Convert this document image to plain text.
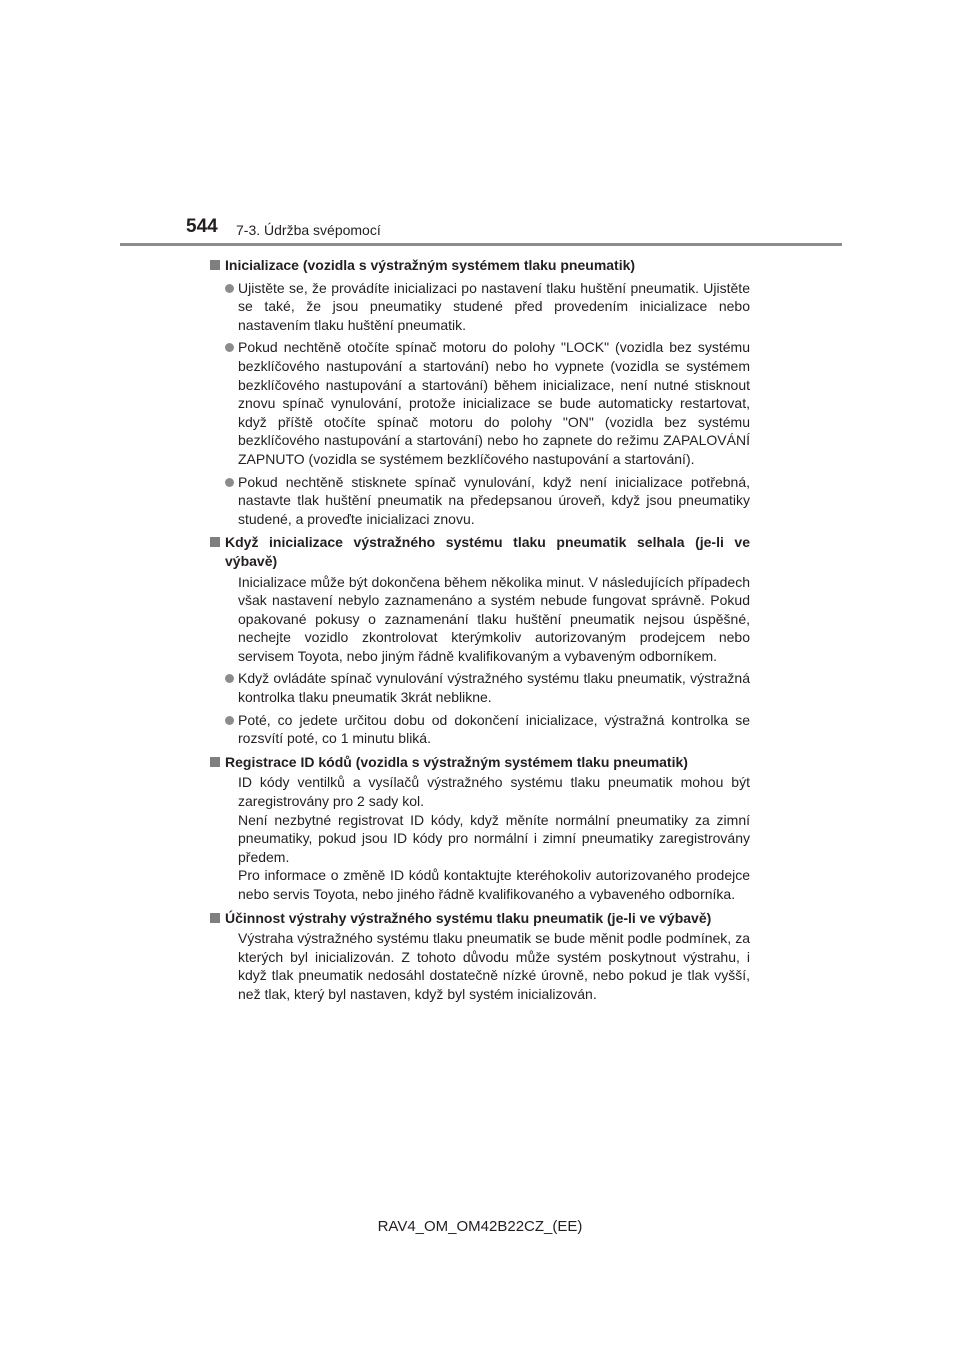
544 7-3. Údržba svépomocí
Inicializace (vozidla s výstražným systémem tlaku pneumatik)
Ujistěte se, že provádíte inicializaci po nastavení tlaku huštění pneumatik. Ujistěte se také, že jsou pneumatiky studené před provedením inicializace nebo nastavením tlaku huštění pneumatik.
Pokud nechtěně otočíte spínač motoru do polohy "LOCK" (vozidla bez systému bezklíčového nastupování a startování) nebo ho vypnete (vozidla se systémem bezklíčového nastupování a startování) během inicializace, není nutné stisknout znovu spínač vynulování, protože inicializace se bude automaticky restartovat, když příště otočíte spínač motoru do polohy "ON" (vozidla bez systému bezklíčového nastupování a startování) nebo ho zapnete do režimu ZAPALOVÁNÍ ZAPNUTO (vozidla se systémem bezklíčového nastupování a startování).
Pokud nechtěně stisknete spínač vynulování, když není inicializace potřebná, nastavte tlak huštění pneumatik na předepsanou úroveň, když jsou pneumatiky studené, a proveďte inicializaci znovu.
Když inicializace výstražného systému tlaku pneumatik selhala (je-li ve výbavě)
Inicializace může být dokončena během několika minut. V následujících případech však nastavení nebylo zaznamenáno a systém nebude fungovat správně. Pokud opakované pokusy o zaznamenání tlaku huštění pneumatik nejsou úspěšné, nechejte vozidlo zkontrolovat kterýmkoliv autorizovaným prodejcem nebo servisem Toyota, nebo jiným řádně kvalifikovaným a vybaveným odborníkem.
Když ovládáte spínač vynulování výstražného systému tlaku pneumatik, výstražná kontrolka tlaku pneumatik 3krát neblikne.
Poté, co jedete určitou dobu od dokončení inicializace, výstražná kontrolka se rozsvítí poté, co 1 minutu bliká.
Registrace ID kódů (vozidla s výstražným systémem tlaku pneumatik)
ID kódy ventilků a vysílačů výstražného systému tlaku pneumatik mohou být zaregistrovány pro 2 sady kol.
Není nezbytné registrovat ID kódy, když měníte normální pneumatiky za zimní pneumatiky, pokud jsou ID kódy pro normální i zimní pneumatiky zaregistrovány předem.
Pro informace o změně ID kódů kontaktujte kteréhokoliv autorizovaného prodejce nebo servis Toyota, nebo jiného řádně kvalifikovaného a vybaveného odborníka.
Účinnost výstrahy výstražného systému tlaku pneumatik (je-li ve výbavě)
Výstraha výstražného systému tlaku pneumatik se bude měnit podle podmínek, za kterých byl inicializován. Z tohoto důvodu může systém poskytnout výstrahu, i když tlak pneumatik nedosáhl dostatečně nízké úrovně, nebo pokud je tlak vyšší, než tlak, který byl nastaven, když byl systém inicializován.
RAV4_OM_OM42B22CZ_(EE)
